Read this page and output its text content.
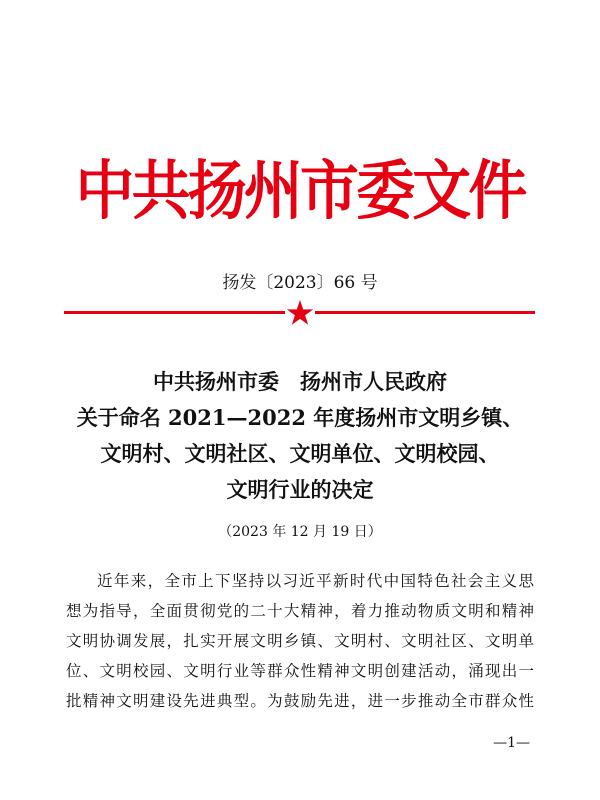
中共扬州市委文件
扬发〔2023〕66 号
中共扬州市委　扬州市人民政府
关于命名 2021—2022 年度扬州市文明乡镇、
文明村、文明社区、文明单位、文明校园、
文明行业的决定
（2023 年 12 月 19 日）
近年来，全市上下坚持以习近平新时代中国特色社会主义思
想为指导，全面贯彻党的二十大精神，着力推动物质文明和精神
文明协调发展，扎实开展文明乡镇、文明村、文明社区、文明单
位、文明校园、文明行业等群众性精神文明创建活动，涌现出一
批精神文明建设先进典型。为鼓励先进，进一步推动全市群众性
—1—
